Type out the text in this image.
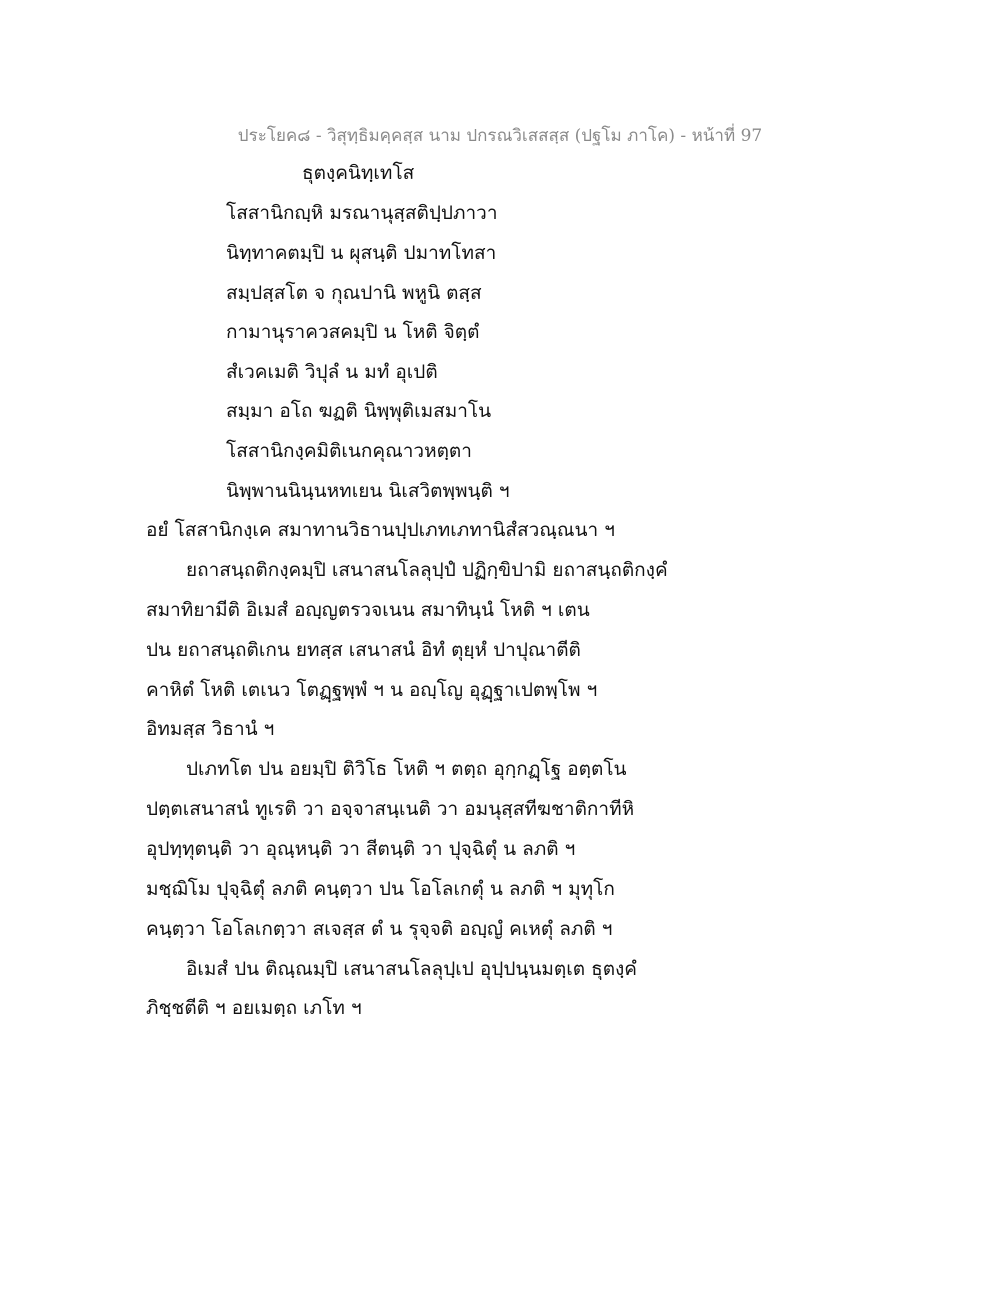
ประโยค๘ - วิสุทฺธิมคฺคสฺส นาม ปกรณวิเสสสฺส (ปฐโม ภาโค) - หน้าที่ 97
ธุตงฺคนิทฺเทโส
โสสานิกญฺหิ มรณานุสฺสติปฺปภาวา
นิทฺทาคตมฺปิ น ผุสนฺติ ปมาทโทสา
สมฺปสฺสโต จ กุณปานิ พหูนิ ตสฺส
กามานุราควสคมฺปิ น โหติ จิตฺตํ
สํเวคเมติ วิปุลํ น มทํ อุเปติ
สมฺมา อโถ ฆฏติ นิพฺพุติเมสมาโน
โสสานิกงฺคมิติเนกคุณาวหตฺตา
นิพฺพานนินฺนหทเยน นิเสวิตพฺพนฺติ ฯ
อยํ โสสานิกงฺเค สมาทานวิธานปฺปเภทเภทานิสํสวณฺณนา ฯ
ยถาสนฺถติกงฺคมฺปิ เสนาสนโลลุปฺปํ ปฏิกฺขิปามิ ยถาสนฺถติกงฺคํ
สมาทิยามีติ อิเมสํ อญฺญตรวจเนน สมาทินฺนํ โหติ ฯ เตน
ปน ยถาสนฺถติเกน ยทสฺส เสนาสนํ อิทํ ตุยฺหํ ปาปุณาตีติ
คาหิตํ โหติ เตเนว โตฏฺฐพฺพํ ฯ น อญฺโญ อุฏฺฐาเปตพฺโพ ฯ
อิทมสฺส วิธานํ ฯ
ปเภทโต ปน อยมฺปิ ติวิโธ โหติ ฯ ตตฺถ อุกฺกฏฺโฐ อตฺตโน
ปตฺตเสนาสนํ ทูเรติ วา อจฺจาสนฺเนติ วา อมนุสฺสทีฆชาติกาทีหิ
อุปทฺทุตนฺติ วา อุณฺหนฺติ วา สีตนฺติ วา ปุจฺฉิตุํ น ลภติ ฯ
มชฺฌิโม ปุจฺฉิตุํ ลภติ คนฺตฺวา ปน โอโลเกตุํ น ลภติ ฯ มุทุโก
คนฺตฺวา โอโลเกตฺวา สเจสฺส ตํ น รุจฺจติ อญฺญํ คเหตุํ ลภติ ฯ
อิเมสํ ปน ติณฺณมฺปิ เสนาสนโลลุปฺเป อุปฺปนฺนมตฺเต ธุตงฺคํ
ภิชฺชตีติ ฯ อยเมตฺถ เภโท ฯ
